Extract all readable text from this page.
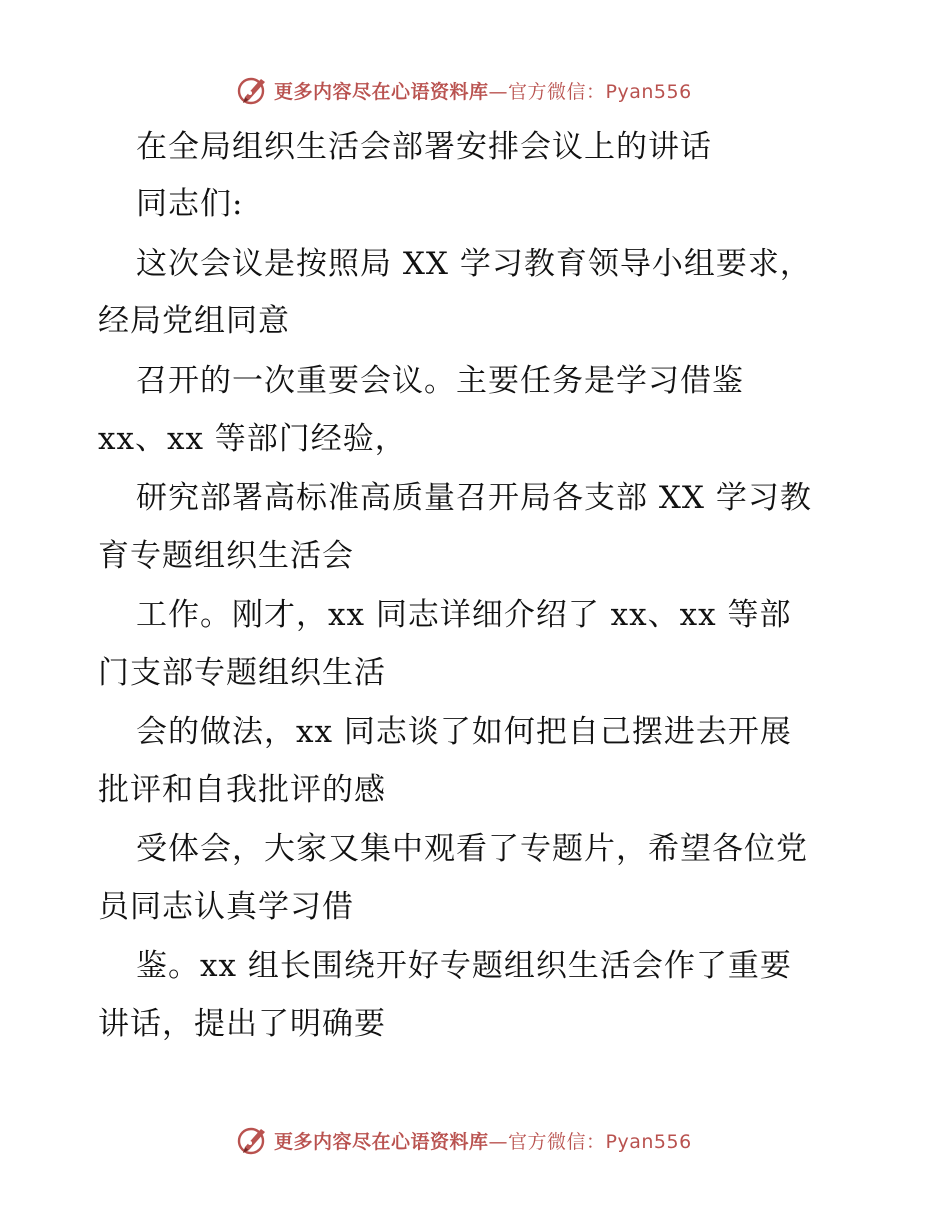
更多内容尽在心语资料库—官方微信：Pyan556
在全局组织生活会部署安排会议上的讲话
同志们:
这次会议是按照局 XX 学习教育领导小组要求，
经局党组同意
召开的一次重要会议。主要任务是学习借鉴
xx、xx 等部门经验，
研究部署高标准高质量召开局各支部 XX 学习教
育专题组织生活会
工作。刚才，xx 同志详细介绍了 xx、xx 等部
门支部专题组织生活
会的做法，xx 同志谈了如何把自己摆进去开展
批评和自我批评的感
受体会，大家又集中观看了专题片，希望各位党
员同志认真学习借
鉴。xx 组长围绕开好专题组织生活会作了重要
讲话，提出了明确要
更多内容尽在心语资料库—官方微信：Pyan556
